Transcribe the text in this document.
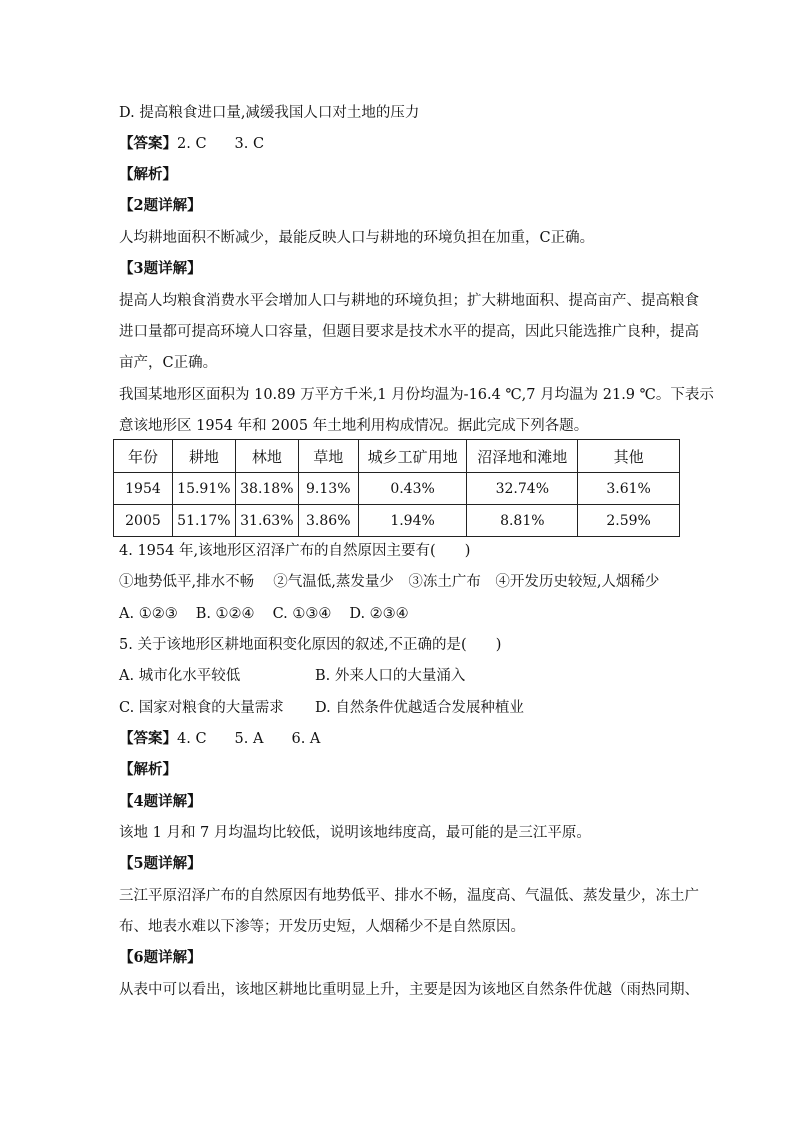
D. 提高粮食进口量,减缓我国人口对土地的压力
【答案】2. C 3. C
【解析】
【2题详解】
人均耕地面积不断减少，最能反映人口与耕地的环境负担在加重，C正确。
【3题详解】
提高人均粮食消费水平会增加人口与耕地的环境负担；扩大耕地面积、提高亩产、提高粮食
进口量都可提高环境人口容量，但题目要求是技术水平的提高，因此只能选推广良种，提高
亩产，C正确。
我国某地形区面积为 10.89 万平方千米,1 月份均温为-16.4 ℃,7 月均温为 21.9 ℃。下表示
意该地形区 1954 年和 2005 年土地利用构成情况。据此完成下列各题。
年份	耕地	林地	草地	城乡工矿用地	沼泽地和滩地	其他
1954	15.91%	38.18%	9.13%	0.43%	32.74%	3.61%
2005	51.17%	31.63%	3.86%	1.94%	8.81%	2.59%
4. 1954 年,该地形区沼泽广布的自然原因主要有(　　)
①地势低平,排水不畅　 ②气温低,蒸发量少　③冻土广布　④开发历史较短,人烟稀少
A. ①②③ B. ①②④ C. ①③④ D. ②③④
5. 关于该地形区耕地面积变化原因的叙述,不正确的是(　　)
A. 城市化水平较低	B. 外来人口的大量涌入
C. 国家对粮食的大量需求 D. 自然条件优越适合发展种植业
【答案】4. C 5. A 6. A
【解析】
【4题详解】
该地 1 月和 7 月均温均比较低，说明该地纬度高，最可能的是三江平原。
【5题详解】
三江平原沼泽广布的自然原因有地势低平、排水不畅，温度高、气温低、蒸发量少，冻土广
布、地表水难以下渗等；开发历史短，人烟稀少不是自然原因。
【6题详解】
从表中可以看出，该地区耕地比重明显上升，主要是因为该地区自然条件优越（雨热同期、
